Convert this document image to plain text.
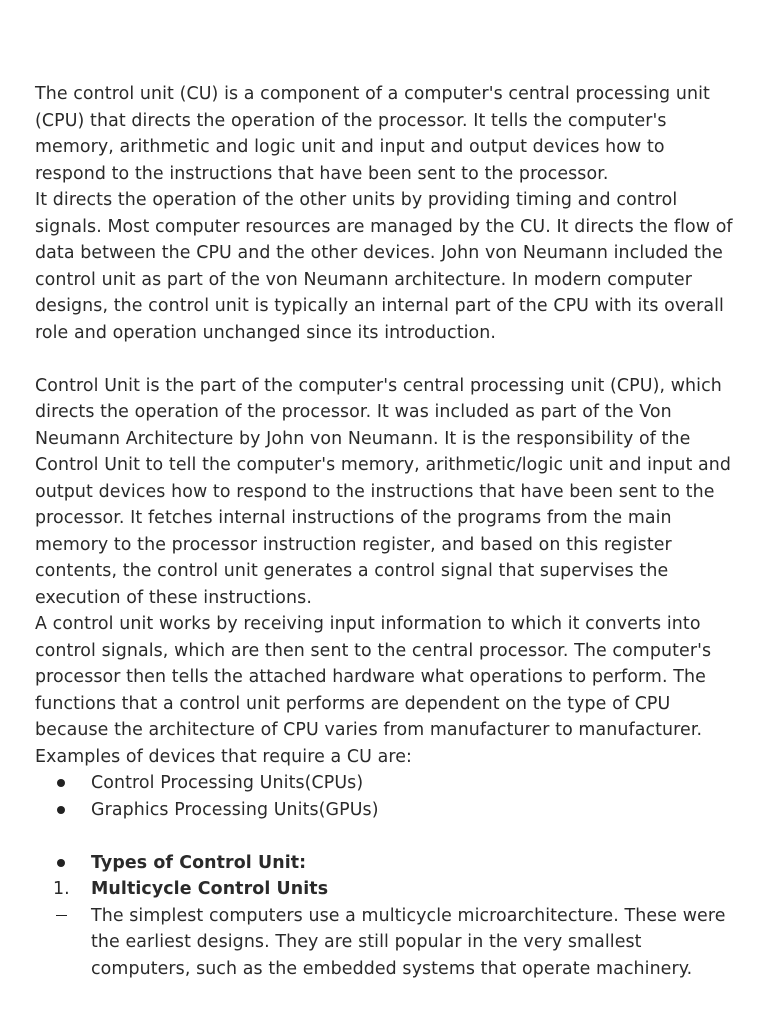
The control unit (CU) is a component of a computer's central processing unit (CPU) that directs the operation of the processor. It tells the computer's memory, arithmetic and logic unit and input and output devices how to respond to the instructions that have been sent to the processor.

It directs the operation of the other units by providing timing and control signals. Most computer resources are managed by the CU. It directs the flow of data between the CPU and the other devices. John von Neumann included the control unit as part of the von Neumann architecture. In modern computer designs, the control unit is typically an internal part of the CPU with its overall role and operation unchanged since its introduction.

Control Unit is the part of the computer's central processing unit (CPU), which directs the operation of the processor. It was included as part of the Von Neumann Architecture by John von Neumann. It is the responsibility of the Control Unit to tell the computer's memory, arithmetic/logic unit and input and output devices how to respond to the instructions that have been sent to the processor. It fetches internal instructions of the programs from the main memory to the processor instruction register, and based on this register contents, the control unit generates a control signal that supervises the execution of these instructions.

A control unit works by receiving input information to which it converts into control signals, which are then sent to the central processor. The computer's processor then tells the attached hardware what operations to perform. The functions that a control unit performs are dependent on the type of CPU because the architecture of CPU varies from manufacturer to manufacturer.

Examples of devices that require a CU are:

Control Processing Units(CPUs)
Graphics Processing Units(GPUs)
Types of Control Unit:
1. Multicycle Control Units
The simplest computers use a multicycle microarchitecture. These were the earliest designs. They are still popular in the very smallest computers, such as the embedded systems that operate machinery.
